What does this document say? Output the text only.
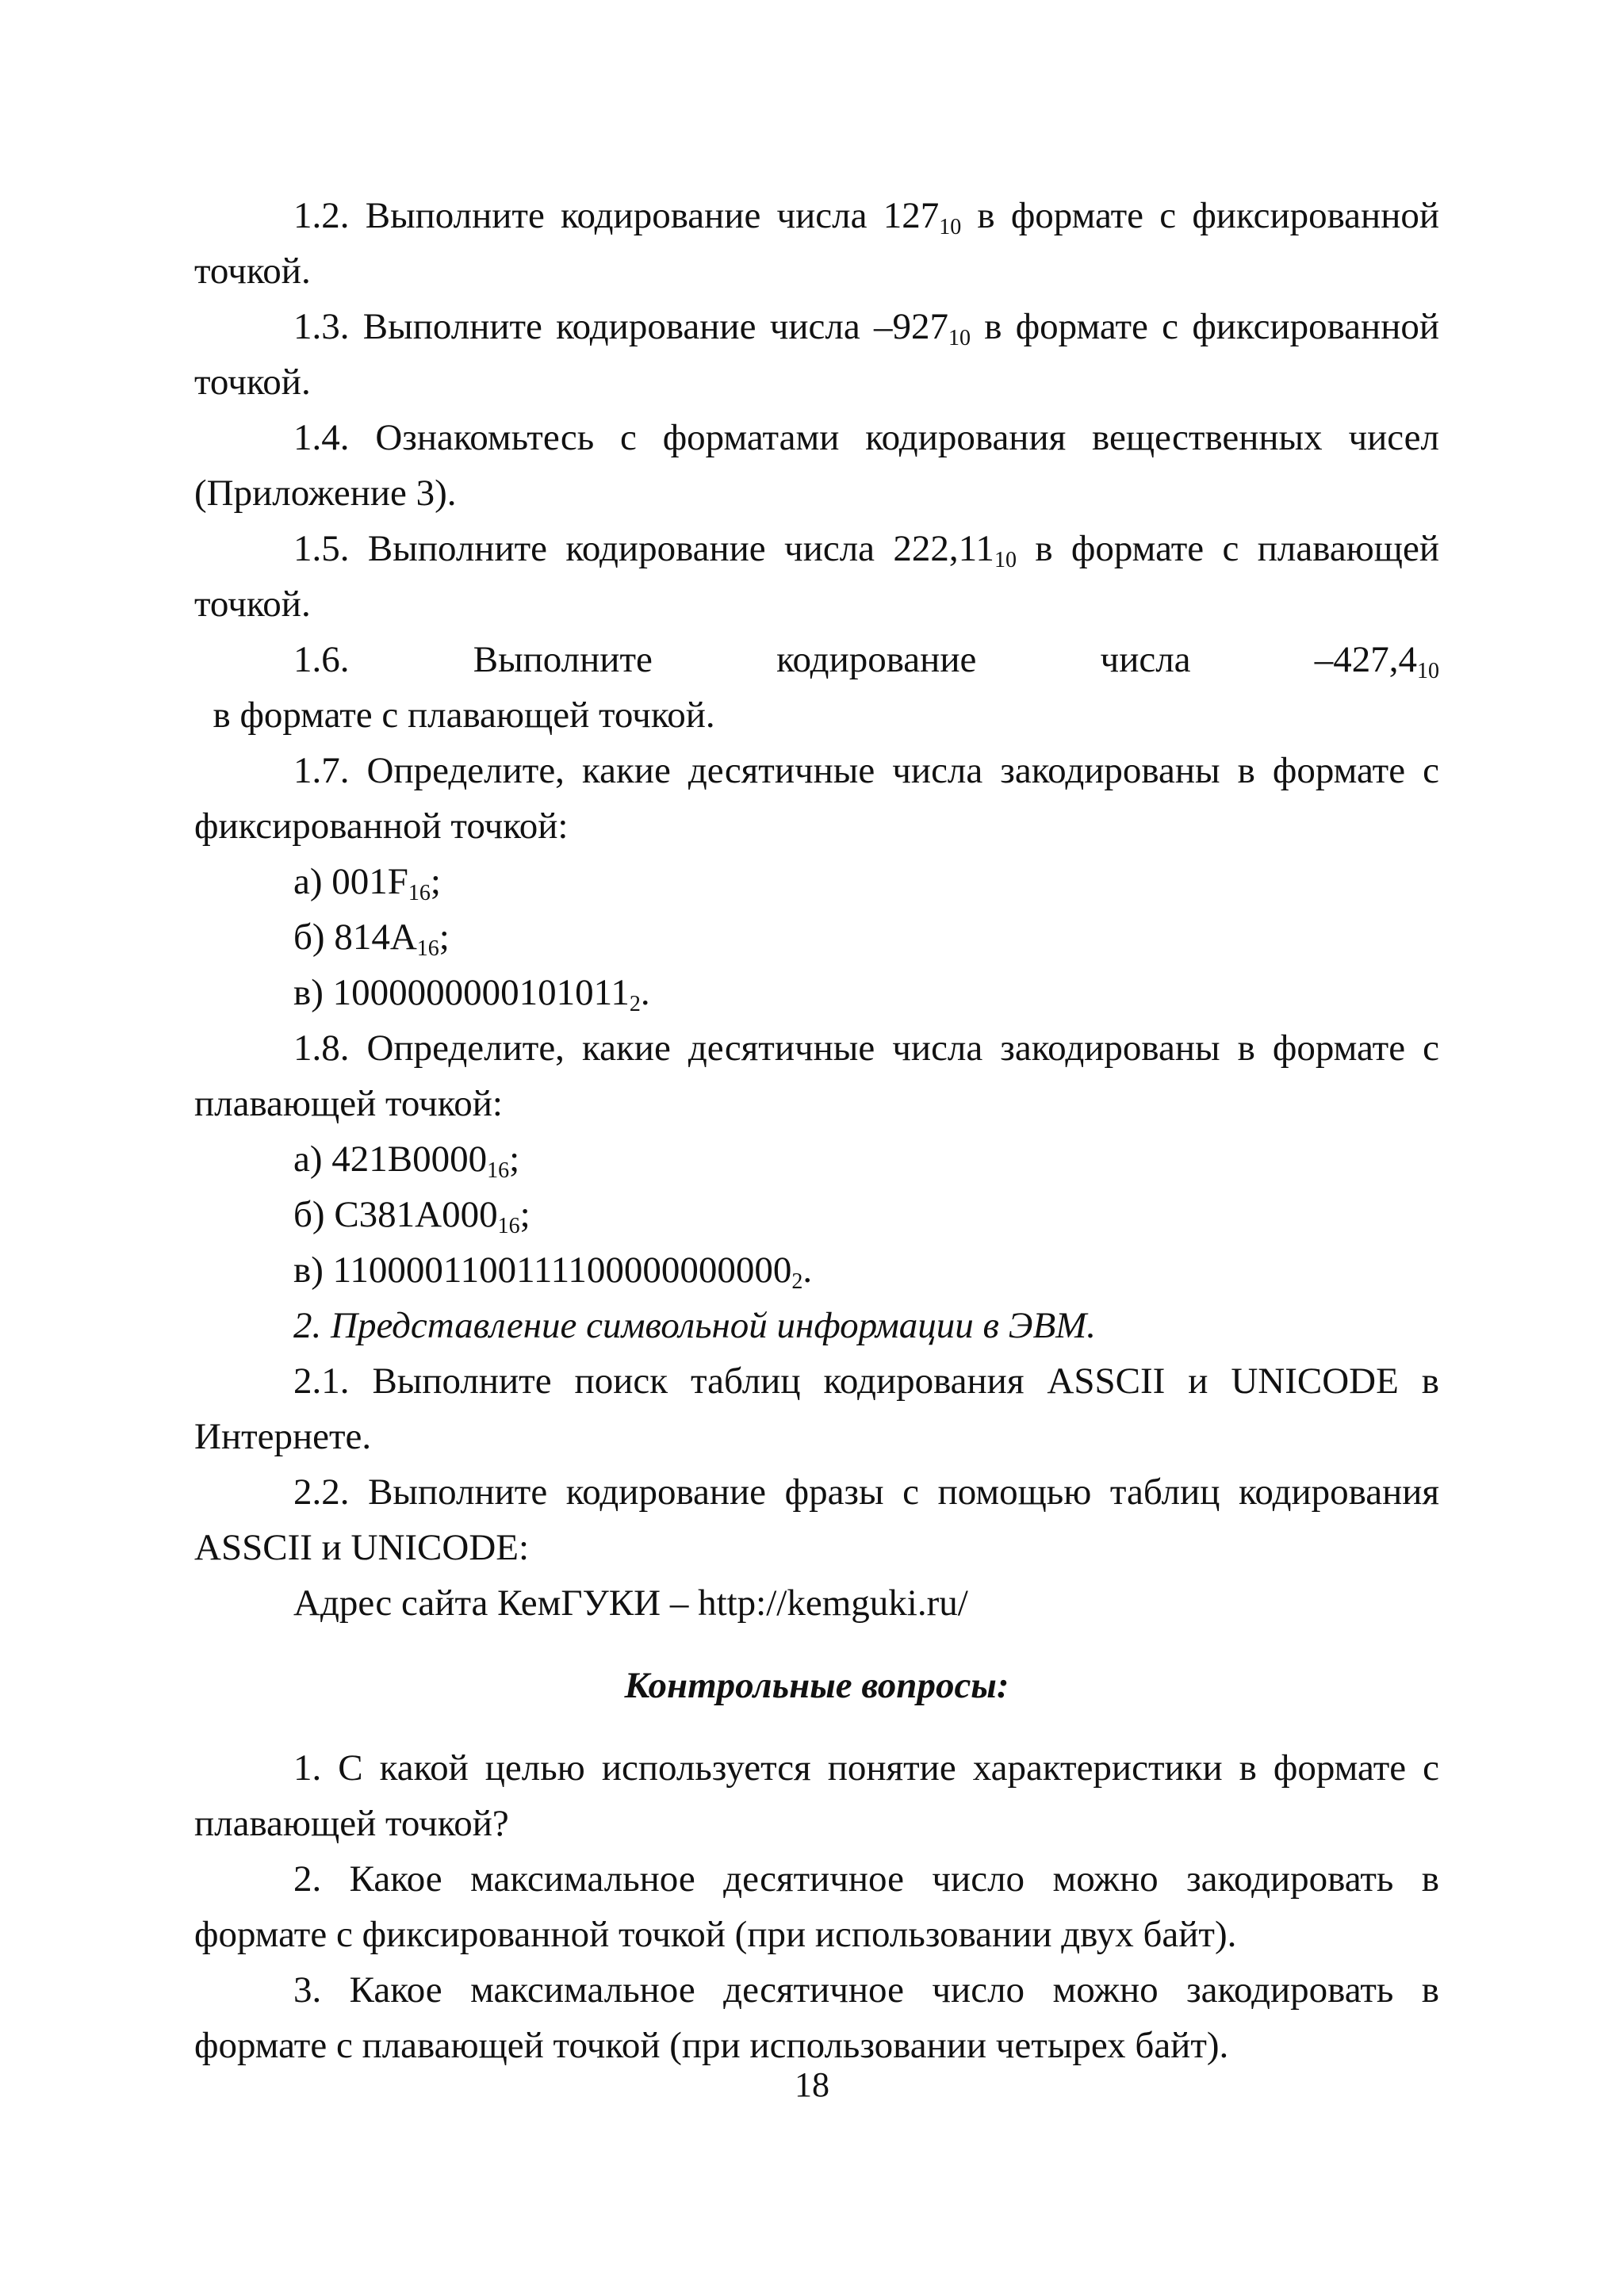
1.2. Выполните кодирование числа $127_{10}$ в формате с фиксированной точкой.

1.3. Выполните кодирование числа $-927_{10}$ в формате с фиксированной точкой.

1.4. Ознакомьтесь с форматами кодирования вещественных чисел (Приложение 3).

1.5. Выполните кодирование числа $222,11_{10}$ в формате с плавающей точкой.

1.6. Выполните кодирование числа $-427,4_{10}$  в формате с плавающей точкой.

1.7. Определите, какие десятичные числа закодированы в формате с фиксированной точкой:

а) $001F_{16}$;

б) $814A_{16}$;

в) $1000000000101011_2$.

1.8. Определите, какие десятичные числа закодированы в формате с плавающей точкой:

а) $421B0000_{16}$;

б) $C381A000_{16}$;

в) $1100001100111100000000000_2$.

2. Представление символьной информации в ЭВМ.

2.1. Выполните поиск таблиц кодирования ASSCII и UNICODE в Интернете.

2.2. Выполните кодирование фразы с помощью таблиц кодирования ASSCII и UNICODE:

Адрес сайта КемГУКИ – http://kemguki.ru/

Контрольные вопросы:

1. С какой целью используется понятие характеристики в формате с плавающей точкой?

2. Какое максимальное десятичное число можно закодировать в формате с фиксированной точкой (при использовании двух байт).

3. Какое максимальное десятичное число можно закодировать в формате с плавающей точкой (при использовании четырех байт).

18
